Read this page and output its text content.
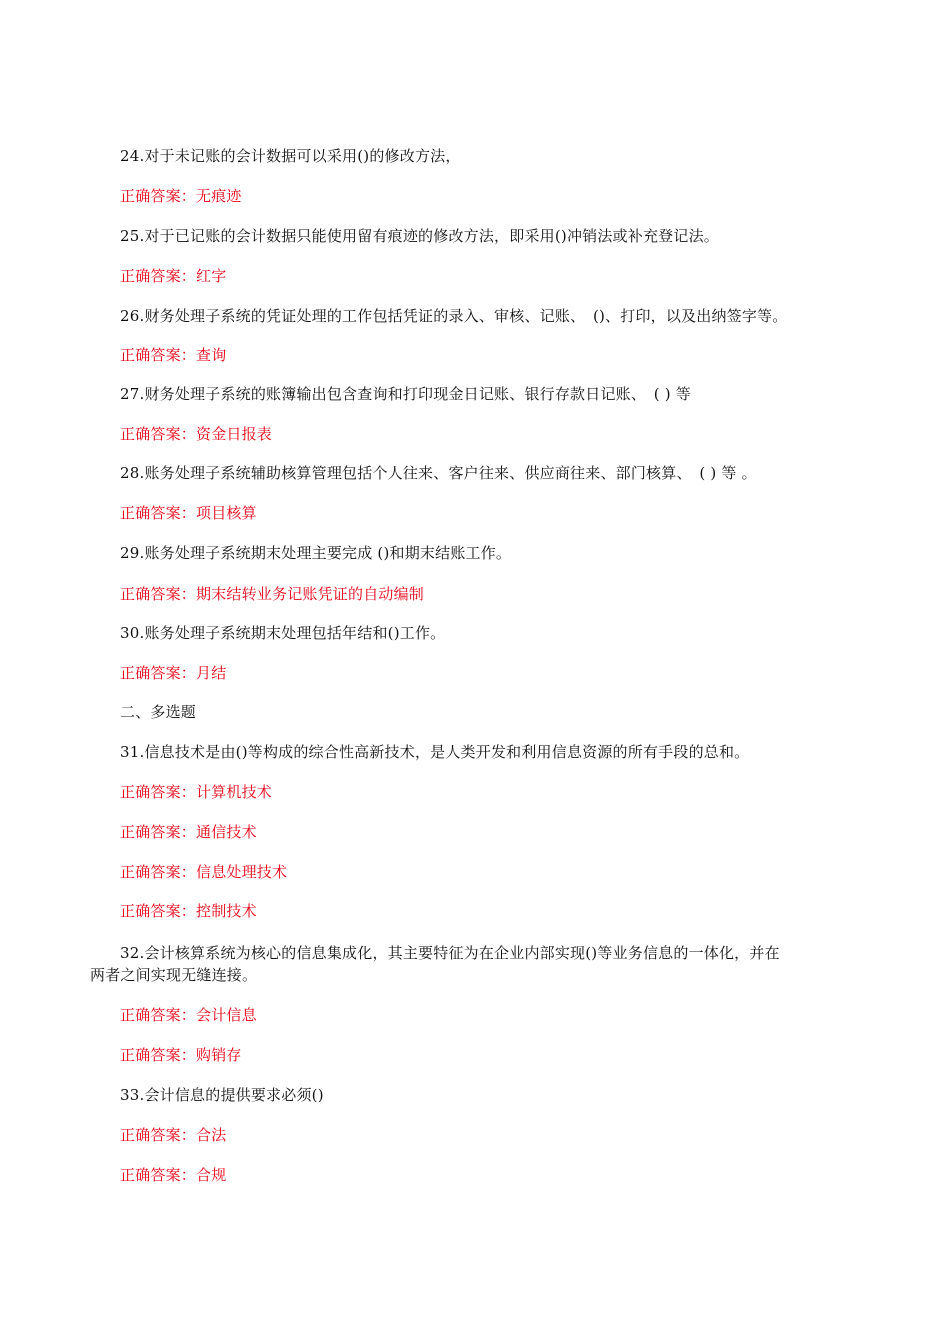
24.对于未记账的会计数据可以采用()的修改方法，
正确答案：无痕迹
25.对于已记账的会计数据只能使用留有痕迹的修改方法，即采用()冲销法或补充登记法。
正确答案：红字
26.财务处理子系统的凭证处理的工作包括凭证的录入、审核、记账、　()、打印，以及出纳签字等。
正确答案：查询
27.财务处理子系统的账簿输出包含查询和打印现金日记账、银行存款日记账、　( ) 等
正确答案：资金日报表
28.账务处理子系统辅助核算管理包括个人往来、客户往来、供应商往来、部门核算、　( ) 等 。
正确答案：项目核算
29.账务处理子系统期末处理主要完成 ()和期末结账工作。
正确答案：期末结转业务记账凭证的自动编制
30.账务处理子系统期末处理包括年结和()工作。
正确答案：月结
二、多选题
31.信息技术是由()等构成的综合性高新技术，是人类开发和利用信息资源的所有手段的总和。
正确答案：计算机技术
正确答案：通信技术
正确答案：信息处理技术
正确答案：控制技术
32.会计核算系统为核心的信息集成化，其主要特征为在企业内部实现()等业务信息的一体化，并在
两者之间实现无缝连接。
正确答案：会计信息
正确答案：购销存
33.会计信息的提供要求必须()
正确答案：合法
正确答案：合规
